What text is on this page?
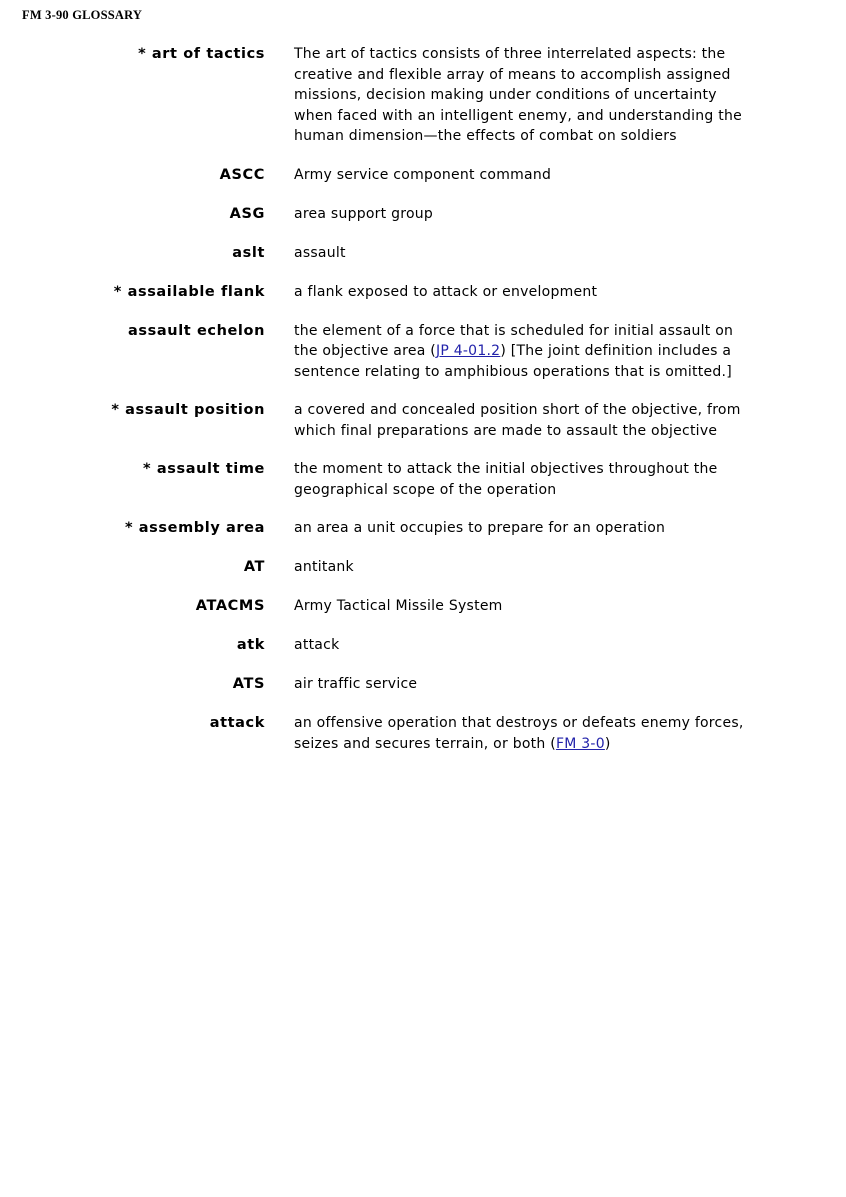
FM 3-90 GLOSSARY
* art of tactics The art of tactics consists of three interrelated aspects: the creative and flexible array of means to accomplish assigned missions, decision making under conditions of uncertainty when faced with an intelligent enemy, and understanding the human dimension—the effects of combat on soldiers
ASCC Army service component command
ASG area support group
aslt assault
* assailable flank a flank exposed to attack or envelopment
assault echelon the element of a force that is scheduled for initial assault on the objective area (JP 4-01.2) [The joint definition includes a sentence relating to amphibious operations that is omitted.]
* assault position a covered and concealed position short of the objective, from which final preparations are made to assault the objective
* assault time the moment to attack the initial objectives throughout the geographical scope of the operation
* assembly area an area a unit occupies to prepare for an operation
AT antitank
ATACMS Army Tactical Missile System
atk attack
ATS air traffic service
attack an offensive operation that destroys or defeats enemy forces, seizes and secures terrain, or both (FM 3-0)
